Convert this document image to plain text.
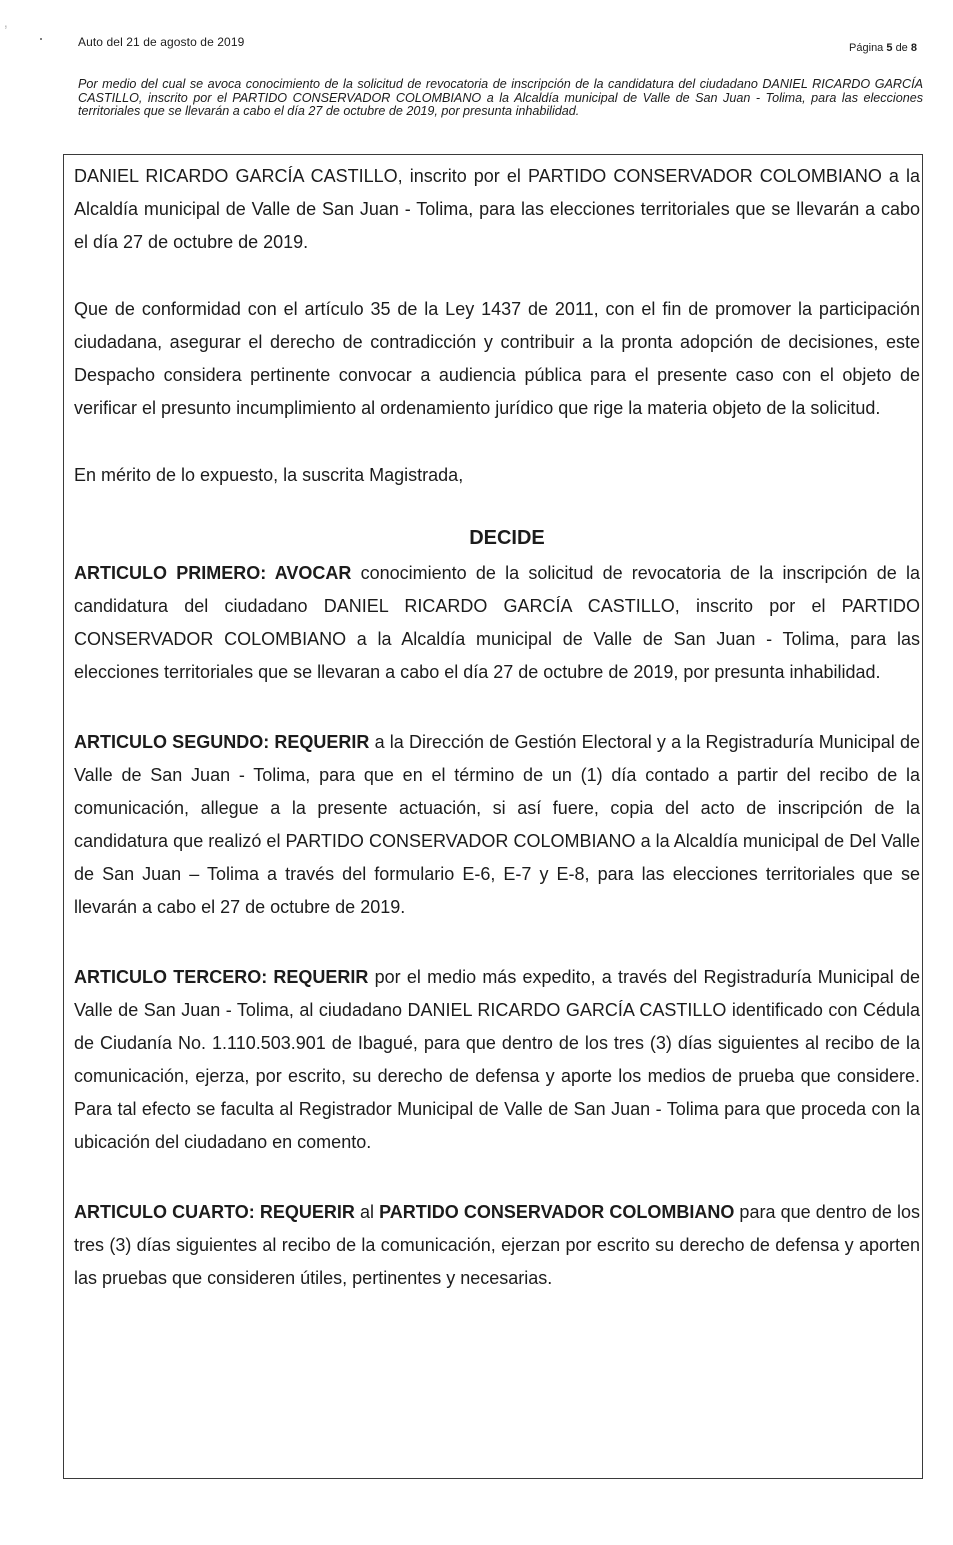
‚
Auto del 21 de agosto de 2019	Página 5 de 8
Por medio del cual se avoca conocimiento de la solicitud de revocatoria de inscripción de la candidatura del ciudadano DANIEL RICARDO GARCÍA CASTILLO, inscrito por el PARTIDO CONSERVADOR COLOMBIANO a la Alcaldía municipal de Valle de San Juan - Tolima, para las elecciones territoriales que se llevarán a cabo el día 27 de octubre de 2019, por presunta inhabilidad.

DANIEL RICARDO GARCÍA CASTILLO, inscrito por el PARTIDO CONSERVADOR COLOMBIANO a la Alcaldía municipal de Valle de San Juan - Tolima, para las elecciones territoriales que se llevarán a cabo el día 27 de octubre de 2019.

Que de conformidad con el artículo 35 de la Ley 1437 de 2011, con el fin de promover la participación ciudadana, asegurar el derecho de contradicción y contribuir a la pronta adopción de decisiones, este Despacho considera pertinente convocar a audiencia pública para el presente caso con el objeto de verificar el presunto incumplimiento al ordenamiento jurídico que rige la materia objeto de la solicitud.

En mérito de lo expuesto, la suscrita Magistrada,

DECIDE

ARTICULO PRIMERO: AVOCAR conocimiento de la solicitud de revocatoria de la inscripción de la candidatura del ciudadano DANIEL RICARDO GARCÍA CASTILLO, inscrito por el PARTIDO CONSERVADOR COLOMBIANO a la Alcaldía municipal de Valle de San Juan - Tolima, para las elecciones territoriales que se llevaran a cabo el día 27 de octubre de 2019, por presunta inhabilidad.

ARTICULO SEGUNDO: REQUERIR a la Dirección de Gestión Electoral y a la Registraduría Municipal de Valle de San Juan - Tolima, para que en el término de un (1) día contado a partir del recibo de la comunicación, allegue a la presente actuación, si así fuere, copia del acto de inscripción de la candidatura que realizó el PARTIDO CONSERVADOR COLOMBIANO a la Alcaldía municipal de Del Valle de San Juan – Tolima a través del formulario E-6, E-7 y E-8, para las elecciones territoriales que se llevarán a cabo el 27 de octubre de 2019.

ARTICULO TERCERO: REQUERIR por el medio más expedito, a través del Registraduría Municipal de Valle de San Juan - Tolima, al ciudadano DANIEL RICARDO GARCÍA CASTILLO identificado con Cédula de Ciudanía No. 1.110.503.901 de Ibagué, para que dentro de los tres (3) días siguientes al recibo de la comunicación, ejerza, por escrito, su derecho de defensa y aporte los medios de prueba que considere. Para tal efecto se faculta al Registrador Municipal de Valle de San Juan - Tolima para que proceda con la ubicación del ciudadano en comento.

ARTICULO CUARTO: REQUERIR al PARTIDO CONSERVADOR COLOMBIANO para que dentro de los tres (3) días siguientes al recibo de la comunicación, ejerzan por escrito su derecho de defensa y aporten las pruebas que consideren útiles, pertinentes y necesarias.
